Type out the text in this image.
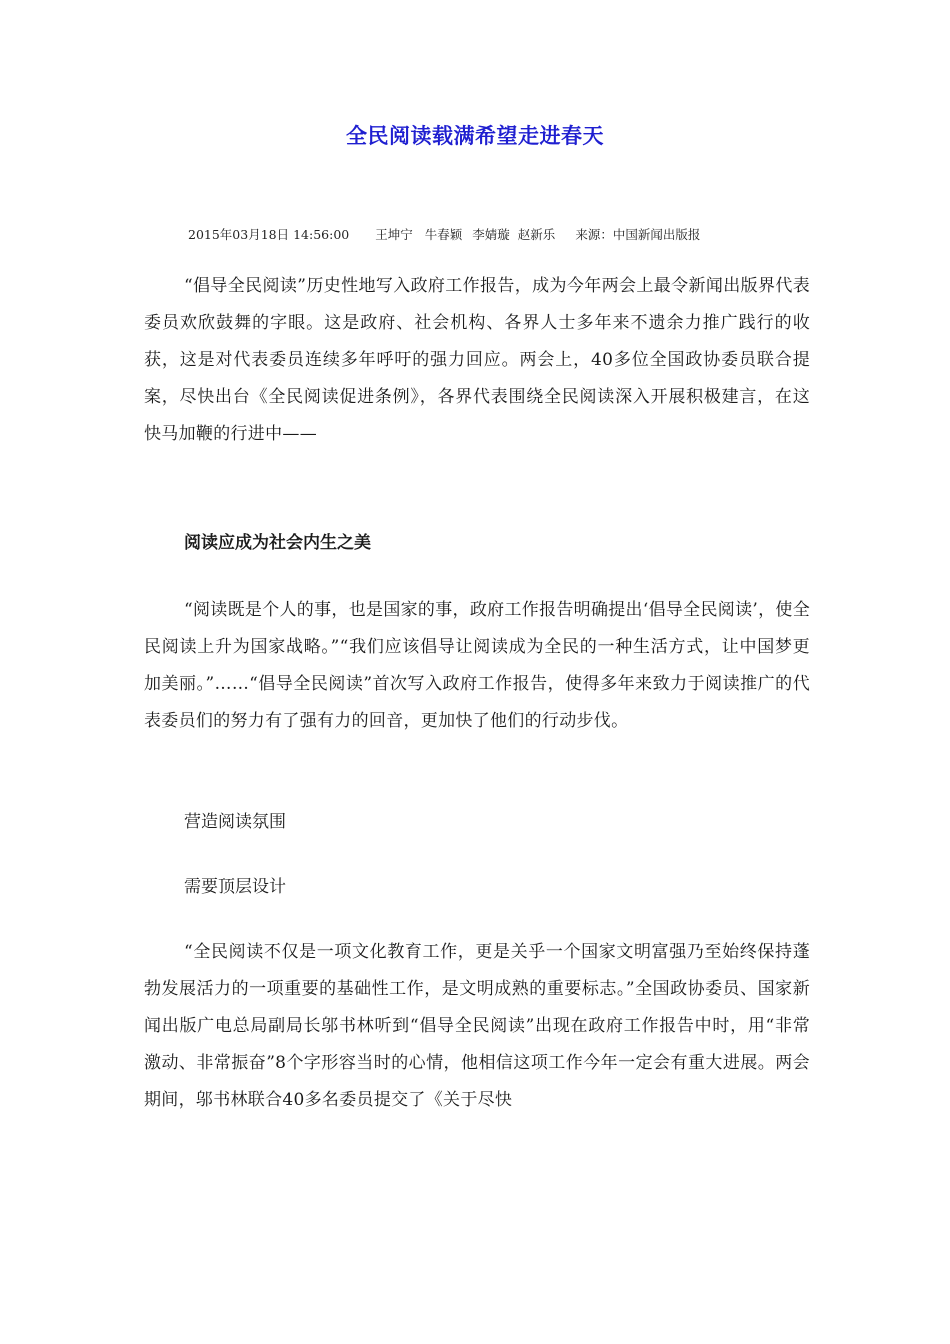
全民阅读载满希望走进春天
2015年03月18日 14:56:00 王坤宁 牛春颖 李婧璇 赵新乐 来源：中国新闻出版报

“倡导全民阅读”历史性地写入政府工作报告，成为今年两会上最令新闻出版界代表委员欢欣鼓舞的字眼。这是政府、社会机构、各界人士多年来不遗余力推广践行的收获，这是对代表委员连续多年呼吁的强力回应。两会上，40多位全国政协委员联合提案，尽快出台《全民阅读促进条例》，各界代表围绕全民阅读深入开展积极建言，在这快马加鞭的行进中——

阅读应成为社会内生之美

“阅读既是个人的事，也是国家的事，政府工作报告明确提出‘倡导全民阅读’，使全民阅读上升为国家战略。”“我们应该倡导让阅读成为全民的一种生活方式，让中国梦更加美丽。”……“倡导全民阅读”首次写入政府工作报告，使得多年来致力于阅读推广的代表委员们的努力有了强有力的回音，更加快了他们的行动步伐。

营造阅读氛围

需要顶层设计

“全民阅读不仅是一项文化教育工作，更是关乎一个国家文明富强乃至始终保持蓬勃发展活力的一项重要的基础性工作，是文明成熟的重要标志。”全国政协委员、国家新闻出版广电总局副局长邬书林听到“倡导全民阅读”出现在政府工作报告中时，用“非常激动、非常振奋”8个字形容当时的心情，他相信这项工作今年一定会有重大进展。两会期间，邬书林联合40多名委员提交了《关于尽快
